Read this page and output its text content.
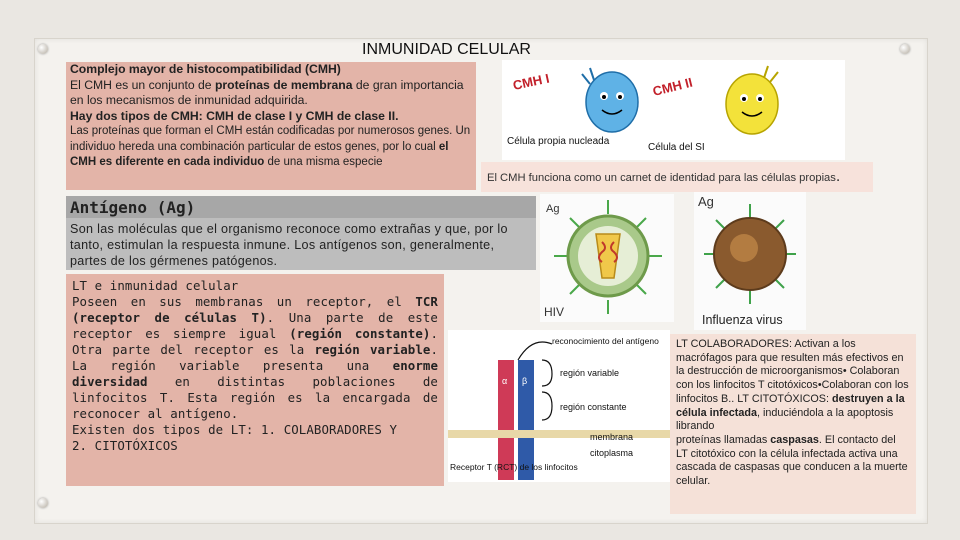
INMUNIDAD CELULAR
Complejo mayor de histocompatibilidad (CMH)
El CMH es un conjunto de proteínas de membrana de gran importancia en los mecanismos de inmunidad adquirida.
Hay dos tipos de CMH: CMH de clase I y CMH de clase II.
Las proteínas que forman el CMH están codificadas por numerosos genes. Un individuo hereda una combinación particular de estos genes, por lo cual el CMH es diferente en cada individuo de una misma especie
CMH I	CMH II
Célula propia nucleada
Célula del SI
El CMH funciona como un carnet de identidad para las células propias.
Antígeno (Ag)
Son las moléculas que el organismo reconoce como extrañas y que, por lo tanto, estimulan la respuesta inmune. Los antígenos son, generalmente, partes de los gérmenes patógenos.
Ag
HIV
Ag
Influenza virus
LT e inmunidad celular
Poseen en sus membranas un receptor, el TCR (receptor de células T). Una parte de este receptor es siempre igual (región constante). Otra parte del receptor es la región variable. La región variable presenta una enorme diversidad en distintas poblaciones de linfocitos T. Esta región es la encargada de reconocer al antígeno.
Existen dos tipos de LT: 1. COLABORADORES Y
2. CITOTÓXICOS
reconocimiento del antígeno
α β
región variable
región constante
membrana
citoplasma
Receptor T (RCT) de los linfocitos
LT COLABORADORES: Activan a los macrófagos para que resulten más efectivos en la destrucción de microorganismos• Colaboran con los linfocitos T citotóxicos•Colaboran con los linfocitos B.. LT CITOTÓXICOS: destruyen a la célula infectada, induciéndola a la apoptosis librando
proteínas llamadas caspasas. El contacto del LT citotóxico con la célula infectada activa una cascada de caspasas que conducen a la muerte celular.
